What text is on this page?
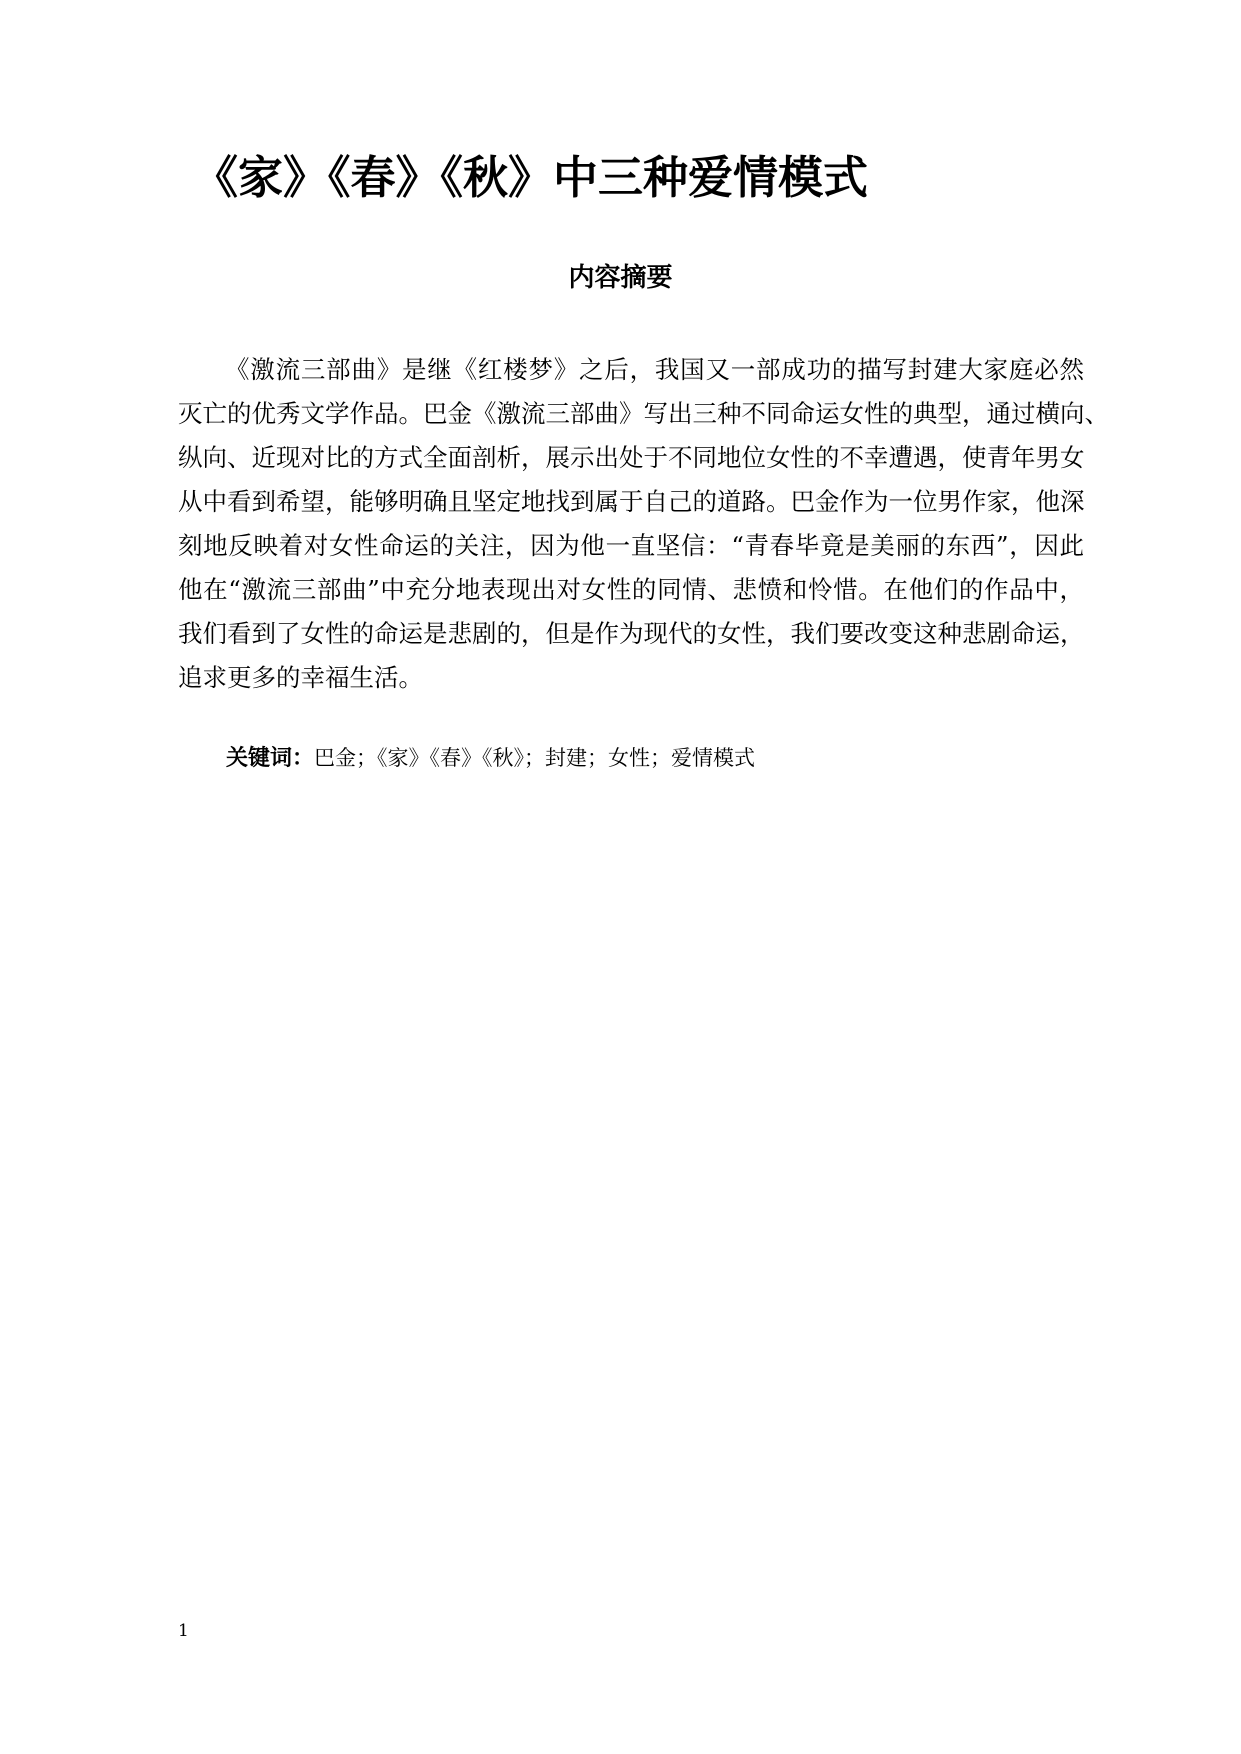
《家》《春》《秋》中三种爱情模式
内容摘要
《激流三部曲》是继《红楼梦》之后，我国又一部成功的描写封建大家庭必然
灭亡的优秀文学作品。巴金《激流三部曲》写出三种不同命运女性的典型，通过横向、
纵向、近现对比的方式全面剖析，展示出处于不同地位女性的不幸遭遇，使青年男女
从中看到希望，能够明确且坚定地找到属于自己的道路。巴金作为一位男作家，他深
刻地反映着对女性命运的关注，因为他一直坚信：“青春毕竟是美丽的东西”，因此
他在“激流三部曲”中充分地表现出对女性的同情、悲愤和怜惜。在他们的作品中，
我们看到了女性的命运是悲剧的，但是作为现代的女性，我们要改变这种悲剧命运，
追求更多的幸福生活。

关键词：巴金；《家》《春》《秋》；封建；女性；爱情模式

1
